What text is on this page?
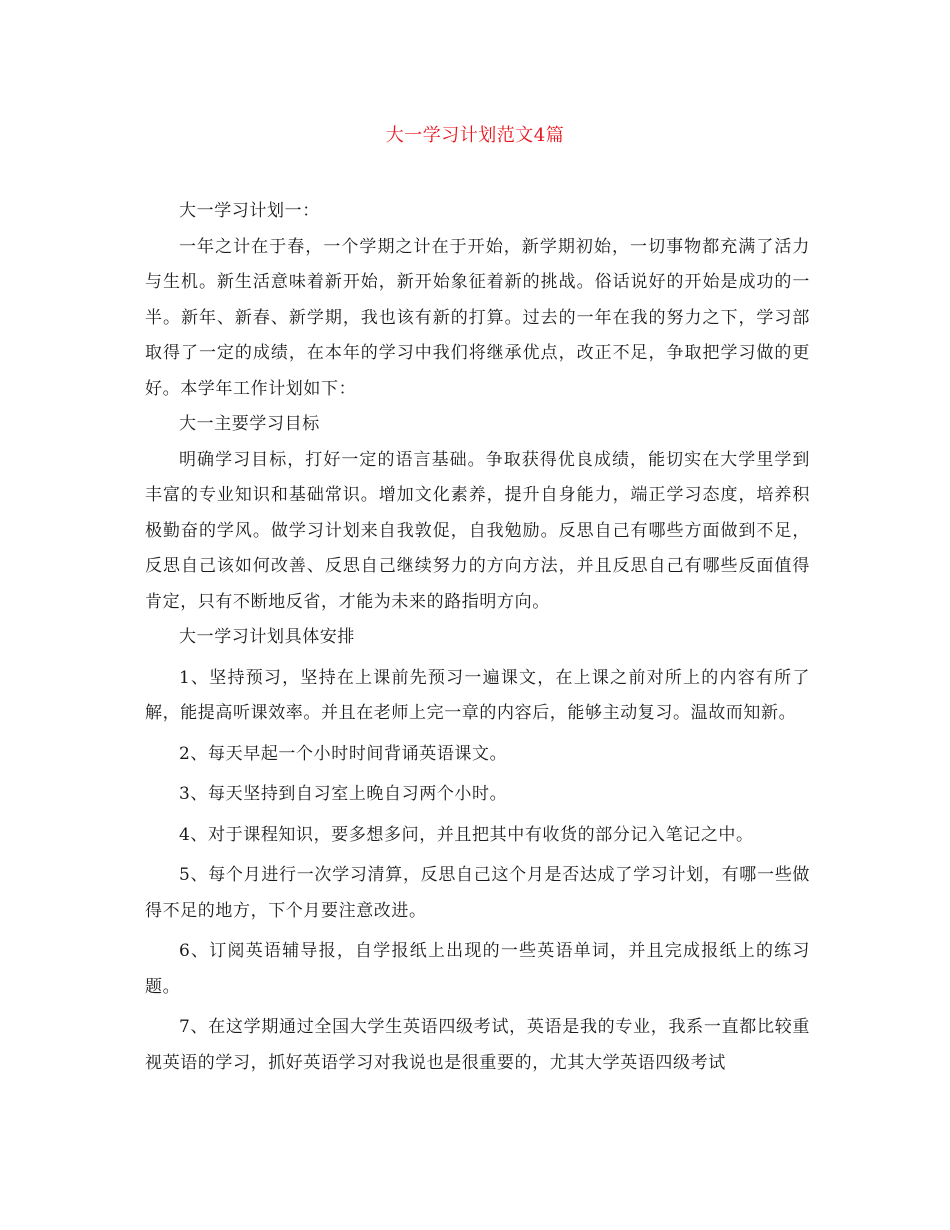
大一学习计划范文4篇

大一学习计划一：

一年之计在于春，一个学期之计在于开始，新学期初始，一切事物都充满了活力与生机。新生活意味着新开始，新开始象征着新的挑战。俗话说好的开始是成功的一半。新年、新春、新学期，我也该有新的打算。过去的一年在我的努力之下，学习部取得了一定的成绩，在本年的学习中我们将继承优点，改正不足，争取把学习做的更好。本学年工作计划如下：

大一主要学习目标

明确学习目标，打好一定的语言基础。争取获得优良成绩，能切实在大学里学到丰富的专业知识和基础常识。增加文化素养，提升自身能力，端正学习态度，培养积极勤奋的学风。做学习计划来自我敦促，自我勉励。反思自己有哪些方面做到不足，反思自己该如何改善、反思自己继续努力的方向方法，并且反思自己有哪些反面值得肯定，只有不断地反省，才能为未来的路指明方向。

大一学习计划具体安排

1、坚持预习，坚持在上课前先预习一遍课文，在上课之前对所上的内容有所了解，能提高听课效率。并且在老师上完一章的内容后，能够主动复习。温故而知新。

2、每天早起一个小时时间背诵英语课文。

3、每天坚持到自习室上晚自习两个小时。

4、对于课程知识，要多想多问，并且把其中有收货的部分记入笔记之中。

5、每个月进行一次学习清算，反思自己这个月是否达成了学习计划，有哪一些做得不足的地方，下个月要注意改进。

6、订阅英语辅导报，自学报纸上出现的一些英语单词，并且完成报纸上的练习题。

7、在这学期通过全国大学生英语四级考试，英语是我的专业，我系一直都比较重视英语的学习，抓好英语学习对我说也是很重要的，尤其大学英语四级考试
